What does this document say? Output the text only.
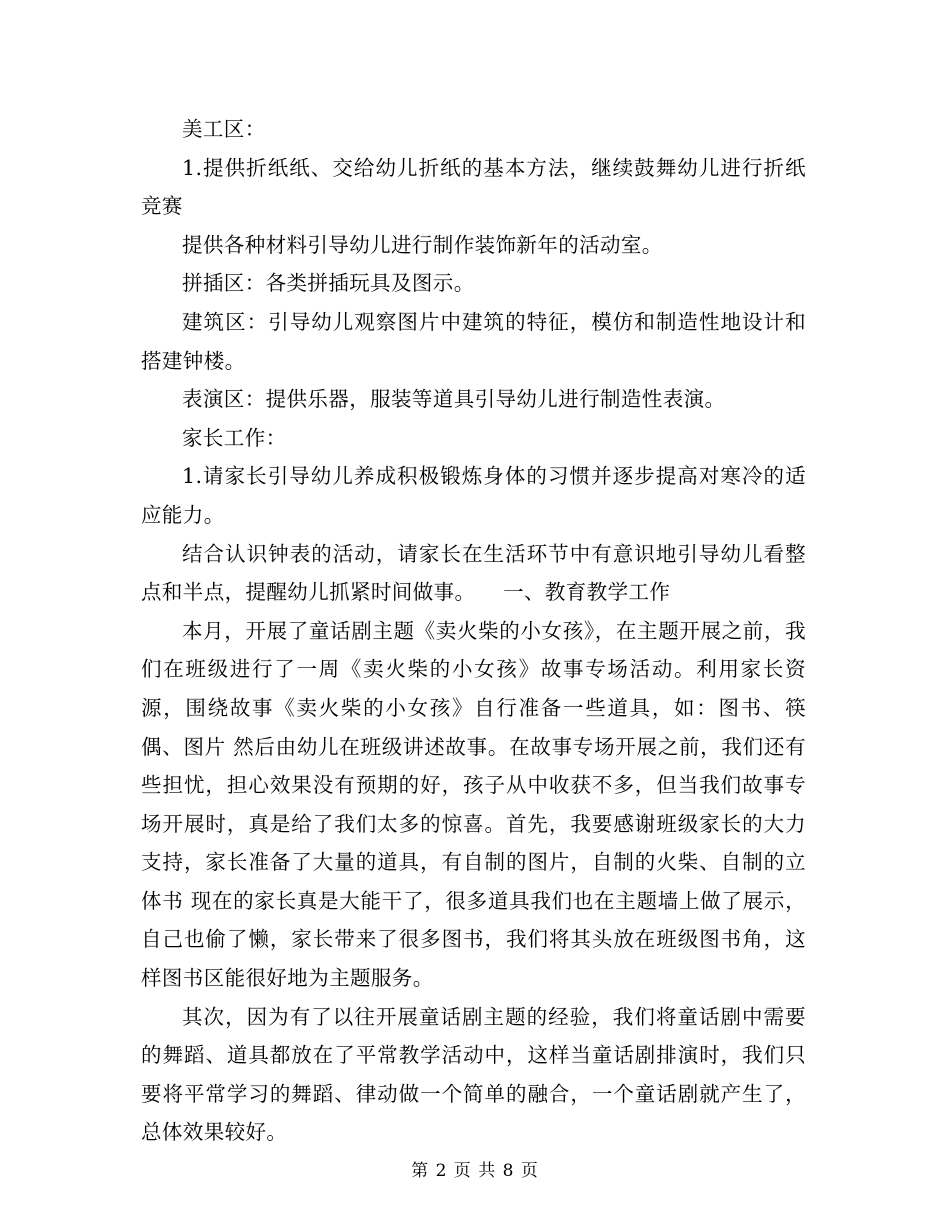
美工区：

1.提供折纸纸、交给幼儿折纸的基本方法，继续鼓舞幼儿进行折纸竞赛

提供各种材料引导幼儿进行制作装饰新年的活动室。

拼插区：各类拼插玩具及图示。

建筑区：引导幼儿观察图片中建筑的特征，模仿和制造性地设计和搭建钟楼。

表演区：提供乐器，服装等道具引导幼儿进行制造性表演。

家长工作：

1.请家长引导幼儿养成积极锻炼身体的习惯并逐步提高对寒冷的适应能力。

结合认识钟表的活动，请家长在生活环节中有意识地引导幼儿看整点和半点，提醒幼儿抓紧时间做事。    一、教育教学工作

本月，开展了童话剧主题《卖火柴的小女孩》，在主题开展之前，我们在班级进行了一周《卖火柴的小女孩》故事专场活动。利用家长资源，围绕故事《卖火柴的小女孩》自行准备一些道具，如：图书、筷偶、图片 然后由幼儿在班级讲述故事。在故事专场开展之前，我们还有些担忧，担心效果没有预期的好，孩子从中收获不多，但当我们故事专场开展时，真是给了我们太多的惊喜。首先，我要感谢班级家长的大力支持，家长准备了大量的道具，有自制的图片，自制的火柴、自制的立体书 现在的家长真是大能干了，很多道具我们也在主题墙上做了展示，自己也偷了懒，家长带来了很多图书，我们将其头放在班级图书角，这样图书区能很好地为主题服务。

其次，因为有了以往开展童话剧主题的经验，我们将童话剧中需要的舞蹈、道具都放在了平常教学活动中，这样当童话剧排演时，我们只要将平常学习的舞蹈、律动做一个简单的融合，一个童话剧就产生了，总体效果较好。

第 2 页 共 8 页
